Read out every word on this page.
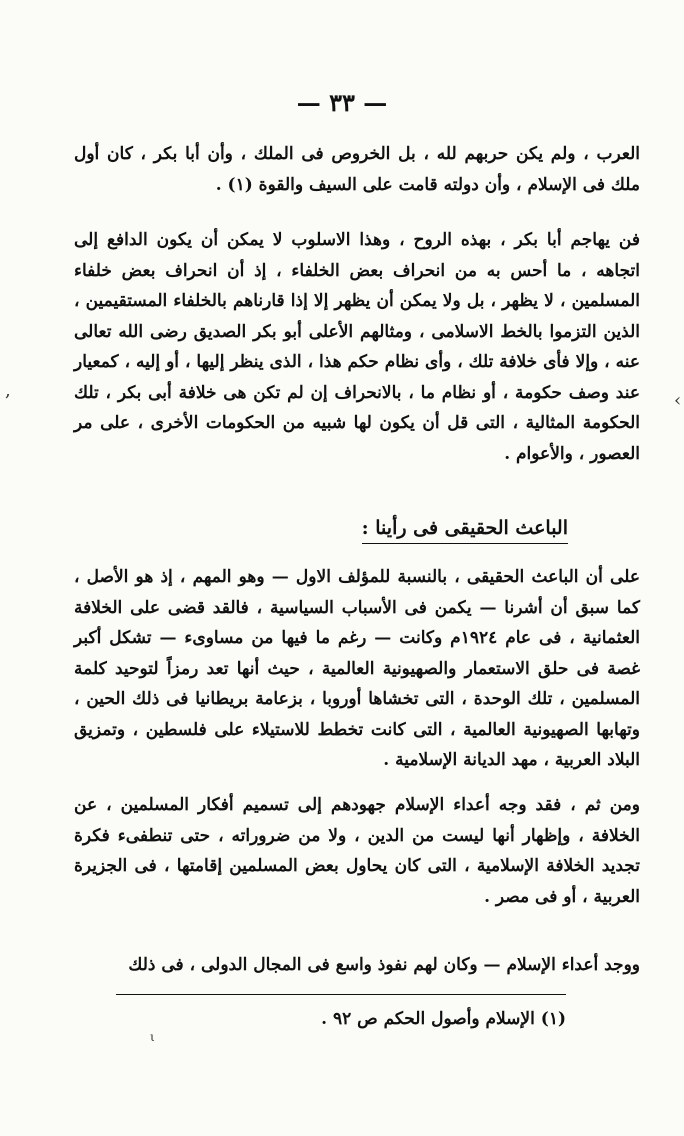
— ٣٣ —
العرب ، ولم يكن حربهم لله ، بل الخروص فى الملك ، وأن أبا بكر ، كان أول ملك فى الإسلام ، وأن دولته قامت على السيف والقوة (١) .
فن يهاجم أبا بكر ، بهذه الروح ، وهذا الاسلوب لا يمكن أن يكون الدافع إلى اتجاهه ، ما أحس به من انحراف بعض الخلفاء ، إذ أن انحراف بعض خلفاء المسلمين ، لا يظهر ، بل ولا يمكن أن يظهر إلا إذا قارناهم بالخلفاء المستقيمين ، الذين التزموا بالخط الاسلامى ، ومثالهم الأعلى أبو بكر الصديق رضى الله تعالى عنه ، وإلا فأى خلافة تلك ، وأى نظام حكم هذا ، الذى ينظر إليها ، أو إليه ، كمعيار عند وصف حكومة ، أو نظام ما ، بالانحراف إن لم تكن هى خلافة أبى بكر ، تلك الحكومة المثالية ، التى قل أن يكون لها شبيه من الحكومات الأخرى ، على مر العصور ، والأعوام .
الباعث الحقيقى فى رأينا :
على أن الباعث الحقيقى ، بالنسبة للمؤلف الاول — وهو المهم ، إذ هو الأصل ، كما سبق أن أشرنا — يكمن فى الأسباب السياسية ، فالقد قضى على الخلافة العثمانية ، فى عام ١٩٢٤م وكانت — رغم ما فيها من مساوىء — تشكل أكبر غصة فى حلق الاستعمار والصهيونية العالمية ، حيث أنها تعد رمزاً لتوحيد كلمة المسلمين ، تلك الوحدة ، التى تخشاها أوروبا ، بزعامة بريطانيا فى ذلك الحين ، وتهابها الصهيونية العالمية ، التى كانت تخطط للاستيلاء على فلسطين ، وتمزيق البلاد العربية ، مهد الديانة الإسلامية .
ومن ثم ، فقد وجه أعداء الإسلام جهودهم إلى تسميم أفكار المسلمين ، عن الخلافة ، وإظهار أنها ليست من الدين ، ولا من ضروراته ، حتى تنطفىء فكرة تجديد الخلافة الإسلامية ، التى كان يحاول بعض المسلمين إقامتها ، فى الجزيرة العربية ، أو فى مصر .
ووجد أعداء الإسلام — وكان لهم نفوذ واسع فى المجال الدولى ، فى ذلك
(١) الإسلام وأصول الحكم ص ٩٢ .
›
,
ι
